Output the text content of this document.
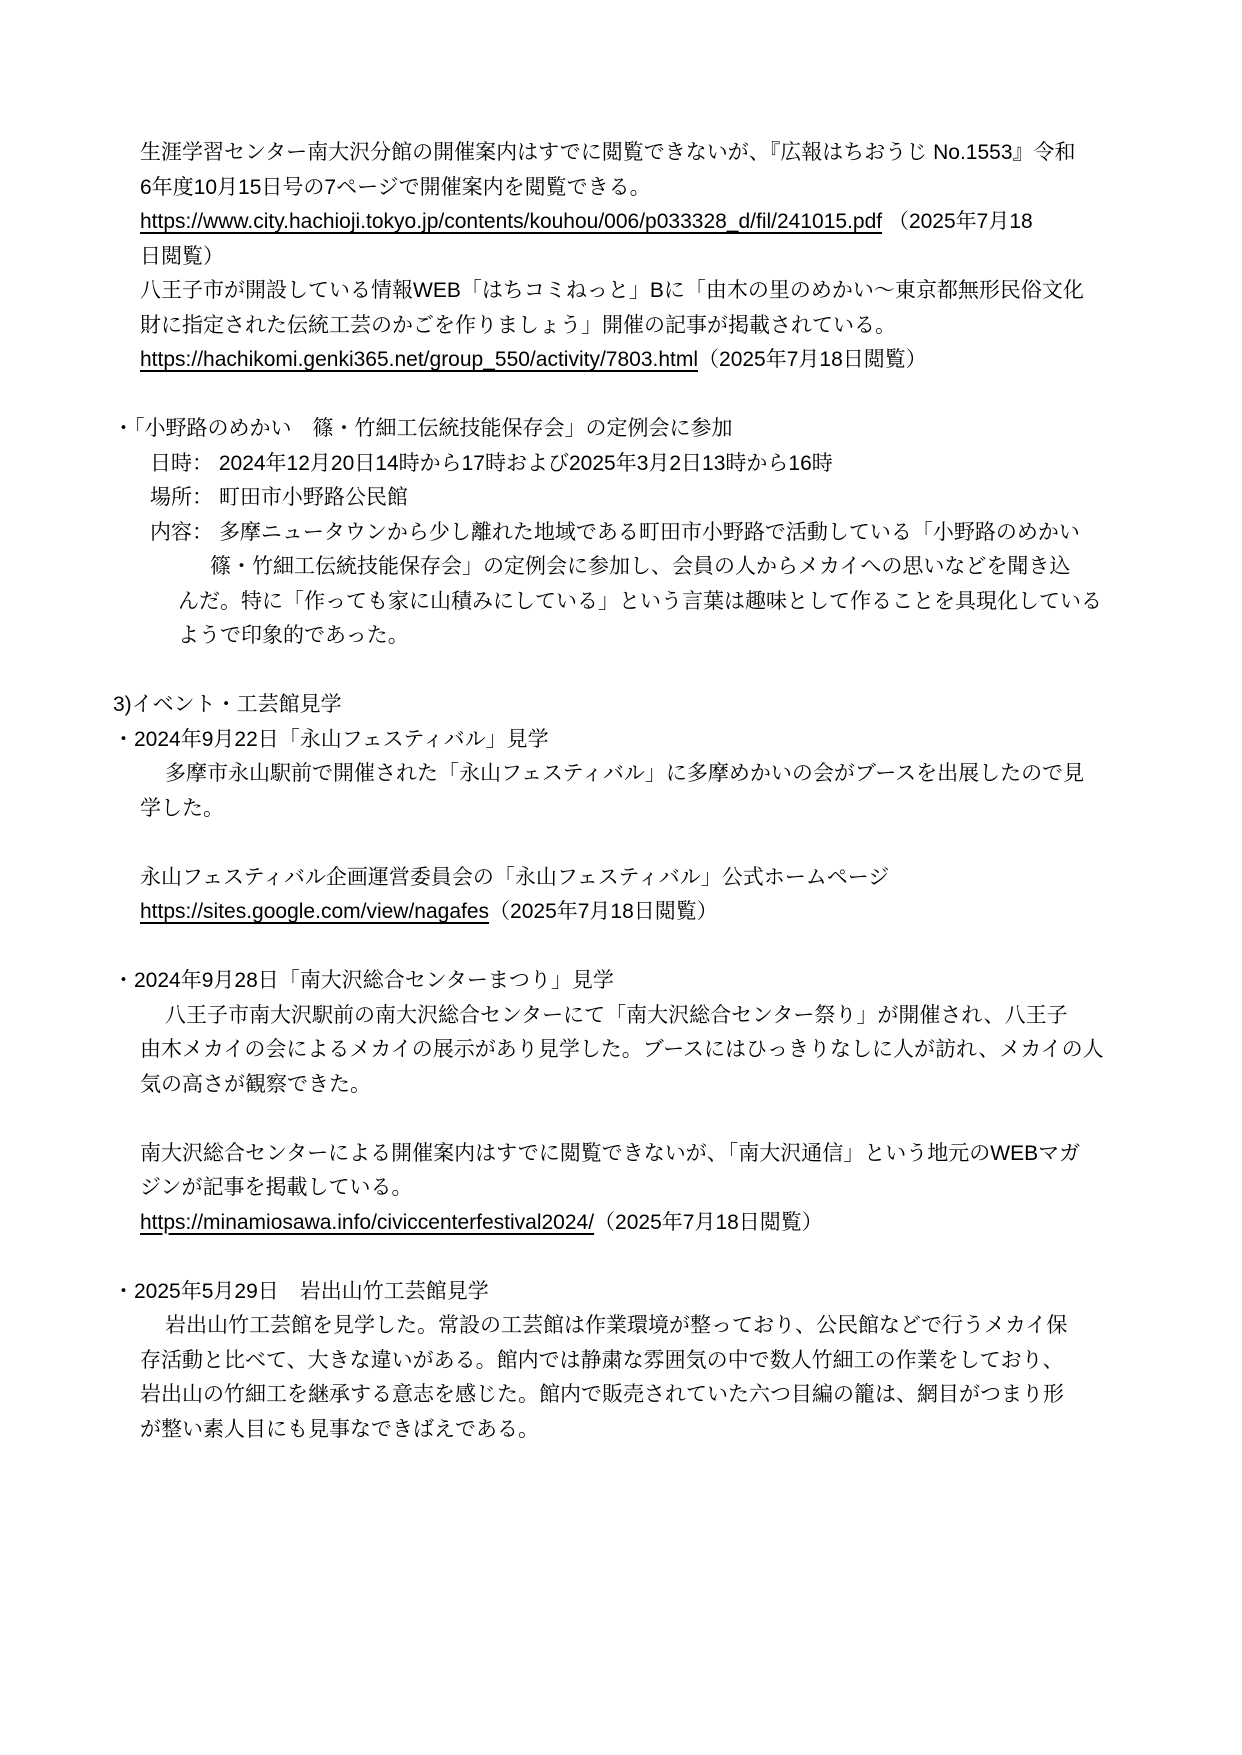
生涯学習センター南大沢分館の開催案内はすでに閲覧できないが、『広報はちおうじ No.1553』令和
6年度10月15日号の7ページで開催案内を閲覧できる。
https://www.city.hachioji.tokyo.jp/contents/kouhou/006/p033328_d/fil/241015.pdf （2025年7月18
日閲覧）
八王子市が開設している情報WEB「はちコミねっと」Bに「由木の里のめかい～東京都無形民俗文化
財に指定された伝統工芸のかごを作りましょう」開催の記事が掲載されている。
https://hachikomi.genki365.net/group_550/activity/7803.html（2025年7月18日閲覧）
・「小野路のめかい　篠・竹細工伝統技能保存会」の定例会に参加
日時： 2024年12月20日14時から17時および2025年3月2日13時から16時
場所： 町田市小野路公民館
内容： 多摩ニュータウンから少し離れた地域である町田市小野路で活動している「小野路のめかい
篠・竹細工伝統技能保存会」の定例会に参加し、会員の人からメカイへの思いなどを聞き込
んだ。特に「作っても家に山積みにしている」という言葉は趣味として作ることを具現化している
ようで印象的であった。
3)イベント・工芸館見学
・2024年9月22日「永山フェスティバル」見学
多摩市永山駅前で開催された「永山フェスティバル」に多摩めかいの会がブースを出展したので見
学した。
永山フェスティバル企画運営委員会の「永山フェスティバル」公式ホームページ
https://sites.google.com/view/nagafes（2025年7月18日閲覧）
・2024年9月28日「南大沢総合センターまつり」見学
八王子市南大沢駅前の南大沢総合センターにて「南大沢総合センター祭り」が開催され、八王子
由木メカイの会によるメカイの展示があり見学した。ブースにはひっきりなしに人が訪れ、メカイの人
気の高さが観察できた。
南大沢総合センターによる開催案内はすでに閲覧できないが、「南大沢通信」という地元のWEBマガ
ジンが記事を掲載している。
https://minamiosawa.info/civiccenterfestival2024/（2025年7月18日閲覧）
・2025年5月29日　岩出山竹工芸館見学
岩出山竹工芸館を見学した。常設の工芸館は作業環境が整っており、公民館などで行うメカイ保
存活動と比べて、大きな違いがある。館内では静粛な雰囲気の中で数人竹細工の作業をしており、
岩出山の竹細工を継承する意志を感じた。館内で販売されていた六つ目編の籠は、網目がつまり形
が整い素人目にも見事なできばえである。
